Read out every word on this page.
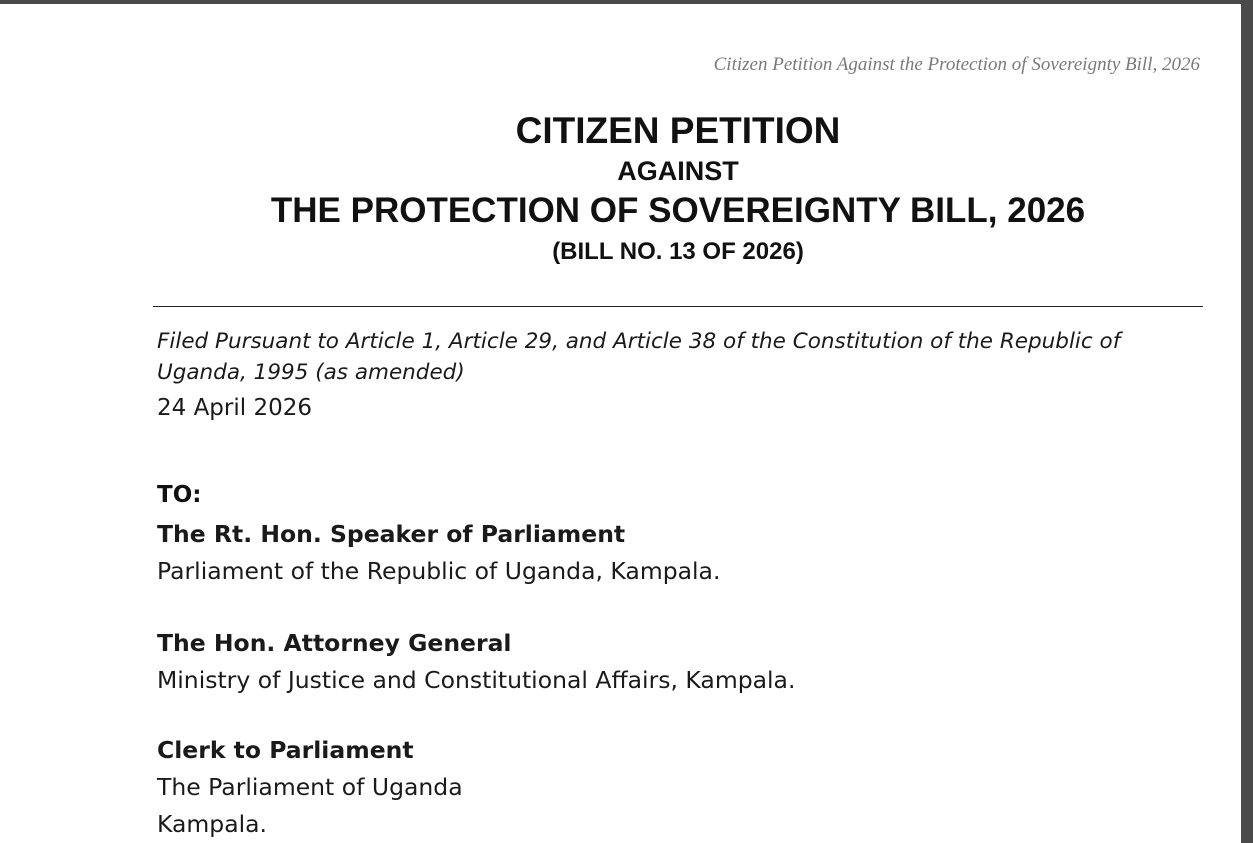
Citizen Petition Against the Protection of Sovereignty Bill, 2026
CITIZEN PETITION
AGAINST
THE PROTECTION OF SOVEREIGNTY BILL, 2026
(BILL NO. 13 OF 2026)
Filed Pursuant to Article 1, Article 29, and Article 38 of the Constitution of the Republic of Uganda, 1995 (as amended)
24 April 2026
TO:
The Rt. Hon. Speaker of Parliament
Parliament of the Republic of Uganda, Kampala.
The Hon. Attorney General
Ministry of Justice and Constitutional Affairs, Kampala.
Clerk to Parliament
The Parliament of Uganda
Kampala.
